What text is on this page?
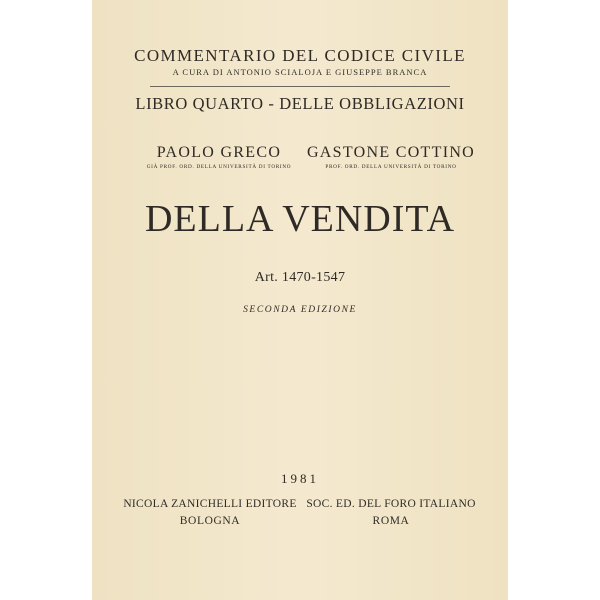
COMMENTARIO DEL CODICE CIVILE
A CURA DI ANTONIO SCIALOJA E GIUSEPPE BRANCA
LIBRO QUARTO - DELLE OBBLIGAZIONI
PAOLO GRECO
GIÀ PROF. ORD. DELLA UNIVERSITÀ DI TORINO
GASTONE COTTINO
PROF. ORD. DELLA UNIVERSITÀ DI TORINO
DELLA VENDITA
Art. 1470-1547
SECONDA EDIZIONE
1981
NICOLA ZANICHELLI EDITORE
BOLOGNA
SOC. ED. DEL FORO ITALIANO
ROMA
